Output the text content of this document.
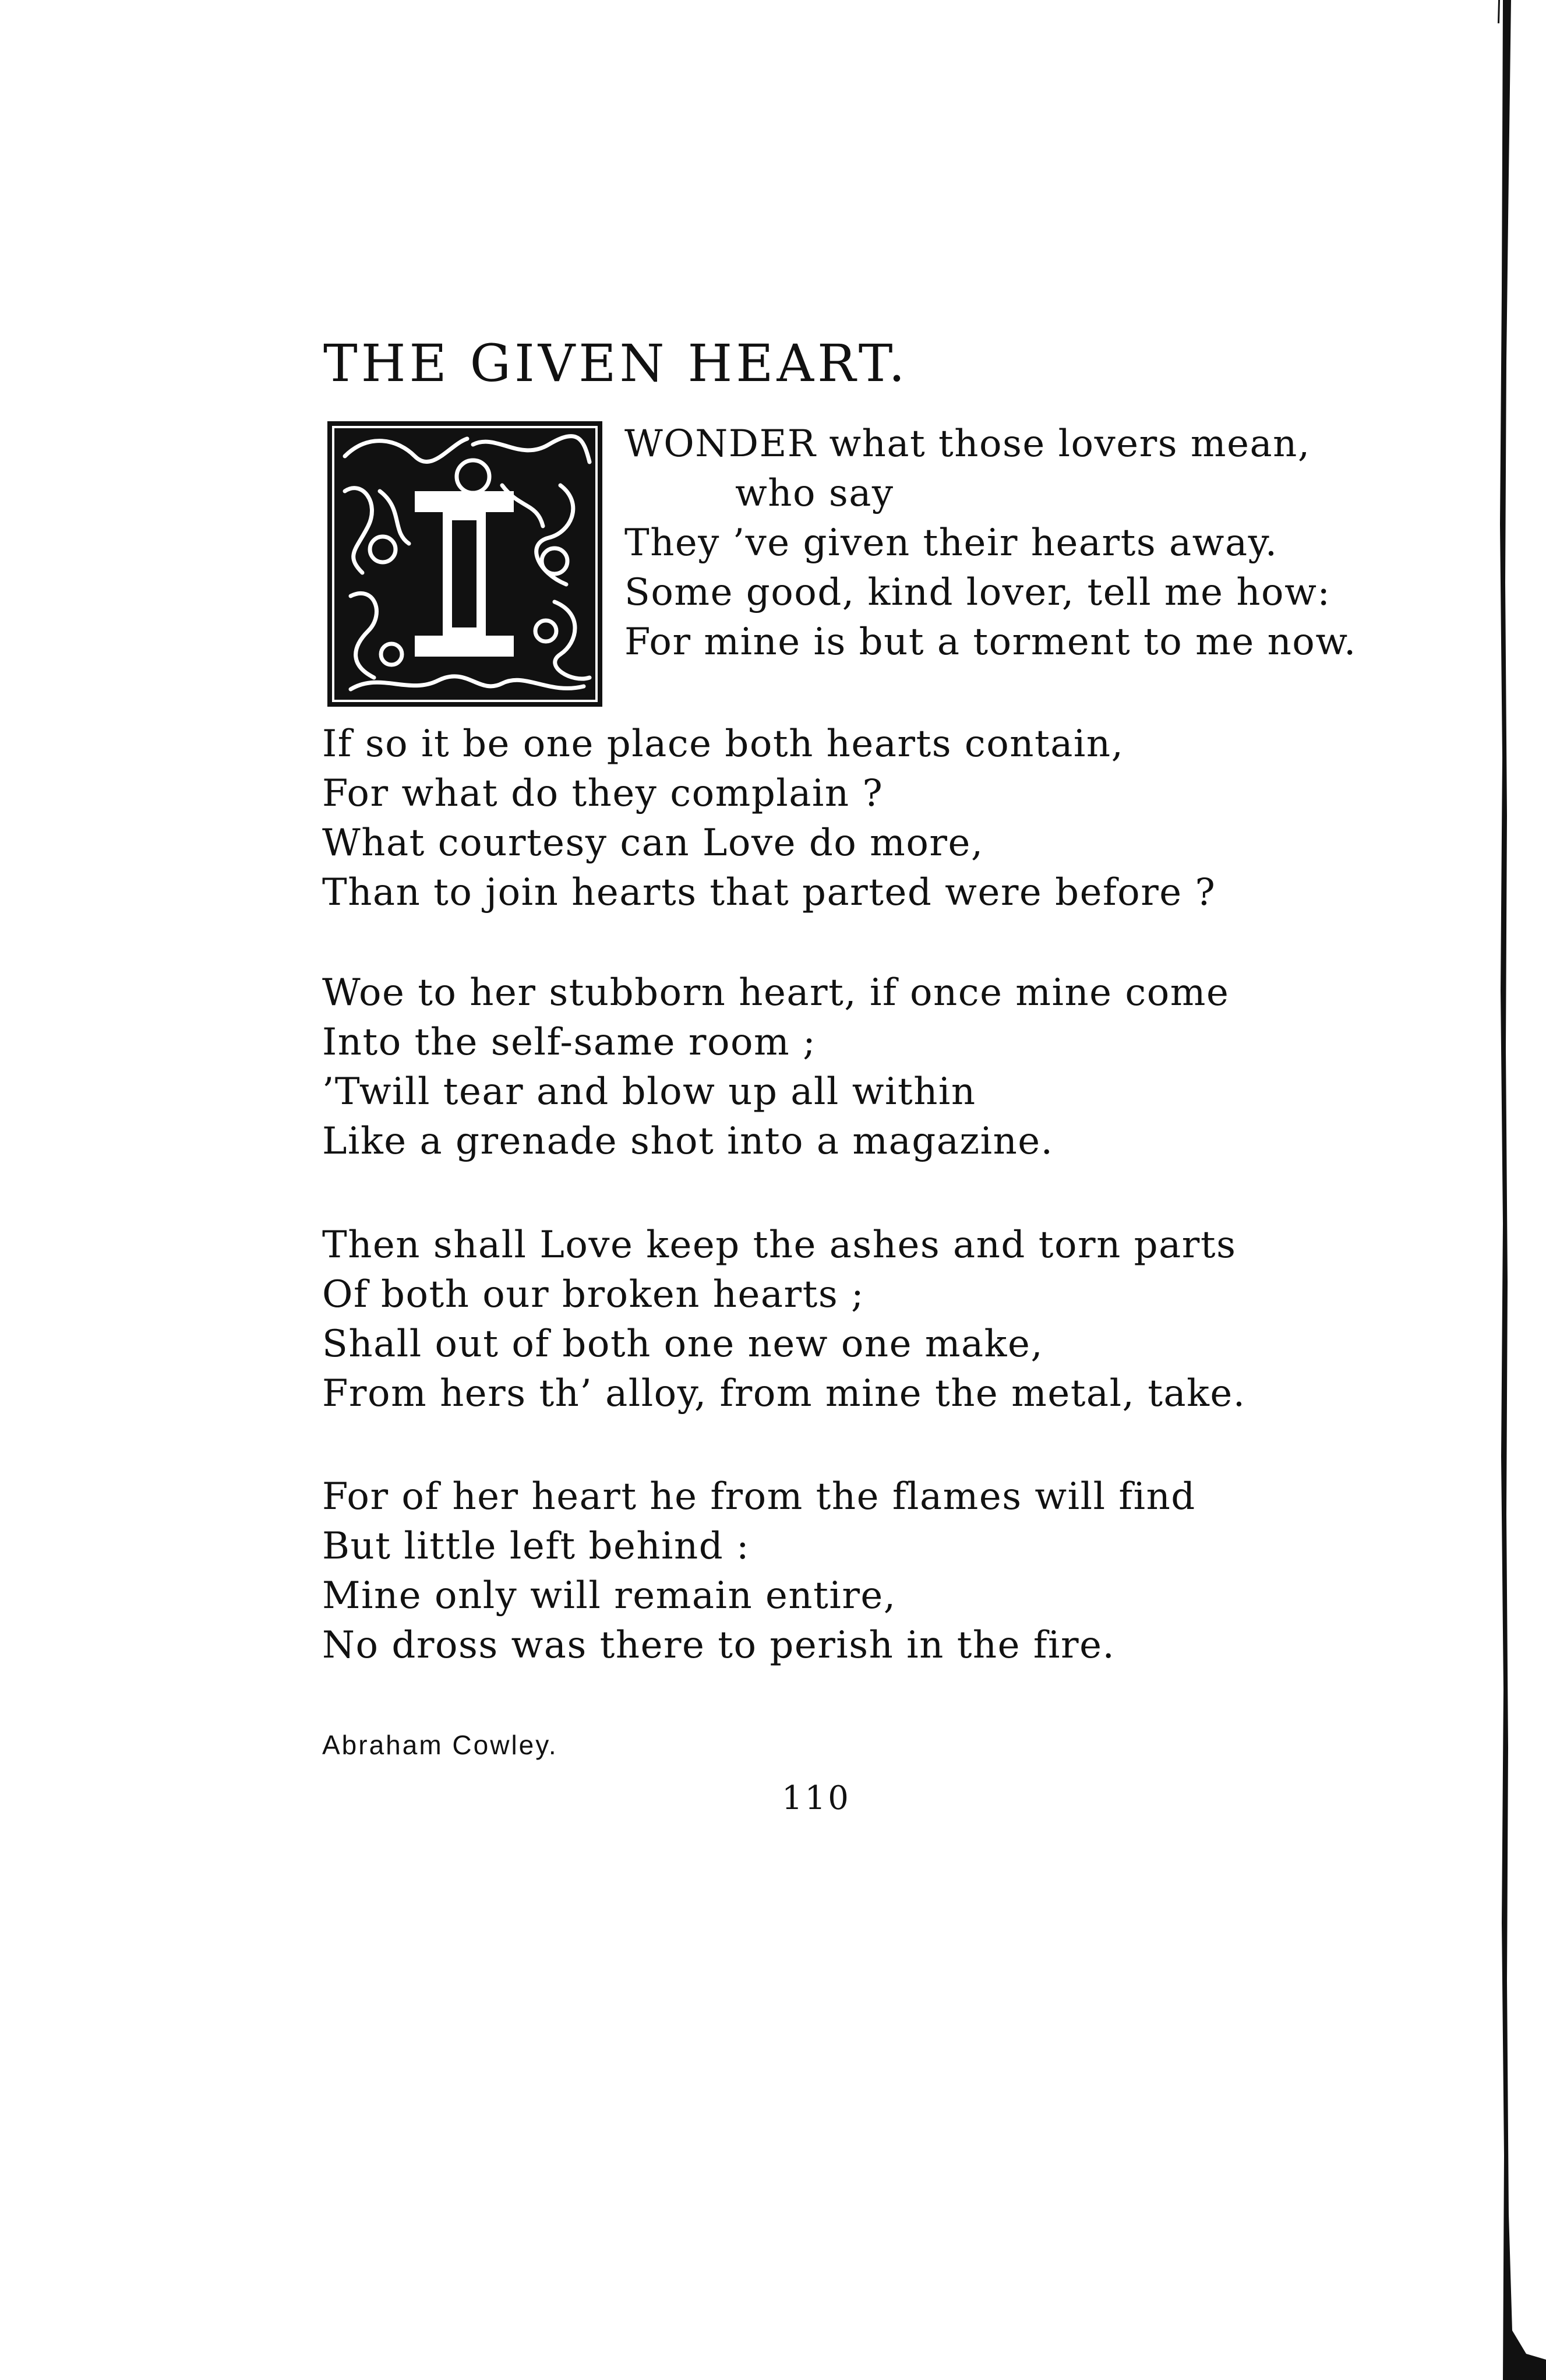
THE GIVEN HEART.
WONDER what those lovers mean,
who say
They ’ve given their hearts away.
Some good, kind lover, tell me how:
For mine is but a torment to me now.
If so it be one place both hearts contain,
For what do they complain ?
What courtesy can Love do more,
Than to join hearts that parted were before ?
Woe to her stubborn heart, if once mine come
Into the self-same room ;
’Twill tear and blow up all within
Like a grenade shot into a magazine.
Then shall Love keep the ashes and torn parts
Of both our broken hearts ;
Shall out of both one new one make,
From hers th’ alloy, from mine the metal, take.
For of her heart he from the flames will find
But little left behind :
Mine only will remain entire,
No dross was there to perish in the fire.
Abraham Cowley.
110
